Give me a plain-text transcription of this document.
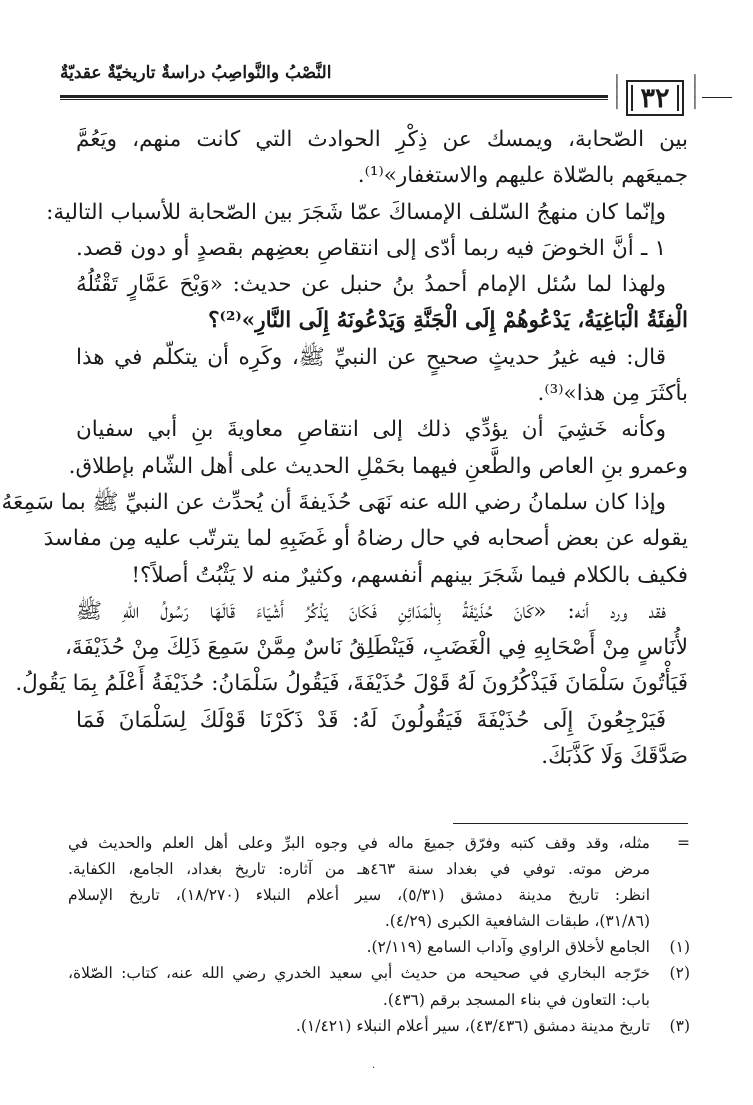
النَّصْبُ والنَّواصِبُ دراسةٌ تاريخيّةٌ عقديّةٌ	❘
❘
❘ ٣٢
❘
❘
❘
بين الصّحابة، ويمسك عن ذِكْرِ الحوادث التي كانت منهم، ويَعُمَّ
جميعَهم بالصّلاة عليهم والاستغفار»⁽¹⁾.
وإنّما كان منهجُ السّلف الإمساكَ عمّا شَجَرَ بين الصّحابة للأسباب التالية:
١ ـ أنَّ الخوضَ فيه ربما أدّى إلى انتقاصِ بعضِهم بقصدٍ أو دون قصد.
ولهذا لما سُئل الإمام أحمدُ بنُ حنبل عن حديث: «وَيْحَ عَمَّارٍ تَقْتُلُهُ
الْفِئَةُ الْبَاغِيَةُ، يَدْعُوهُمْ إِلَى الْجَنَّةِ وَيَدْعُونَهُ إِلَى النَّارِ»⁽²⁾؟
قال: فيه غيرُ حديثٍ صحيحٍ عن النبيِّ ﷺ، وكَرِه أن يتكلّم في هذا
بأكثَرَ مِن هذا»⁽³⁾.
وكأنه خَشِيَ أن يؤدِّي ذلك إلى انتقاصِ معاويةَ بنِ أبي سفيان
وعمرو بنِ العاص والطَّعنِ فيهما بحَمْلِ الحديث على أهل الشّام بإطلاق.
وإذا كان سلمانُ رضي الله عنه نَهَى حُذَيفةَ أن يُحدِّث عن النبيِّ ﷺ بما سَمِعَهُ
يقوله عن بعض أصحابه في حال رضاهُ أو غَضَبِهِ لما يترتّب عليه مِن مفاسدَ
فكيف بالكلام فيما شَجَرَ بينهم أنفسهم، وكثيرٌ منه لا يَثْبُتُ أصلاً؟!
فقد ورد أنه: «كَانَ حُذَيْفَةُ بِالْمَدَائِنِ فَكَانَ يَذْكُرُ أَشْيَاءَ قَالَهَا رَسُولُ اللهِ ﷺ
لأُنَاسٍ مِنْ أَصْحَابِهِ فِي الْغَضَبِ، فَيَنْطَلِقُ نَاسٌ مِمَّنْ سَمِعَ ذَلِكَ مِنْ حُذَيْفَةَ،
فَيَأْتُونَ سَلْمَانَ فَيَذْكُرُونَ لَهُ قَوْلَ حُذَيْفَةَ، فَيَقُولُ سَلْمَانُ: حُذَيْفَةُ أَعْلَمُ بِمَا يَقُولُ.
فَيَرْجِعُونَ إِلَى حُذَيْفَةَ فَيَقُولُونَ لَهُ: قَدْ ذَكَرْنَا قَوْلَكَ لِسَلْمَانَ فَمَا
صَدَّقَكَ وَلَا كَذَّبَكَ.
=
مثله، وقد وقف كتبه وفرّق جميعَ ماله في وجوه البرِّ وعلى أهل العلم والحديث في
مرض موته. توفي في بغداد سنة ٤٦٣هـ من آثاره: تاريخ بغداد، الجامع، الكفاية.
انظر: تاريخ مدينة دمشق (٥/٣١)، سير أعلام النبلاء (١٨/٢٧٠)، تاريخ الإسلام
(٣١/٨٦)، طبقات الشافعية الكبرى (٤/٢٩).
(١)
الجامع لأخلاق الراوي وآداب السامع (٢/١١٩).
(٢)
خرّجه البخاري في صحيحه من حديث أبي سعيد الخدري رضي الله عنه، كتاب: الصّلاة،
باب: التعاون في بناء المسجد برقم (٤٣٦).
(٣)
تاريخ مدينة دمشق (٤٣/٤٣٦)، سير أعلام النبلاء (١/٤٢١).
·
